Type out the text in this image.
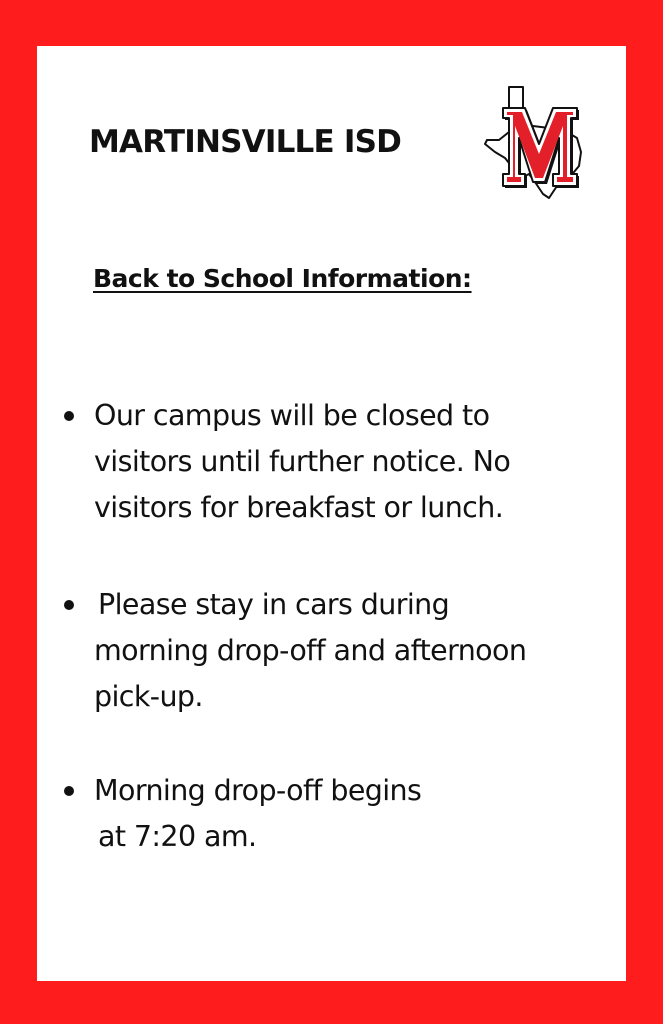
MARTINSVILLE ISD
Back to School Information:
Our campus will be closed to
visitors until further notice. No
visitors for breakfast or lunch.
Please stay in cars during
morning drop-off and afternoon
pick-up.
Morning drop-off begins
at 7:20 am.
